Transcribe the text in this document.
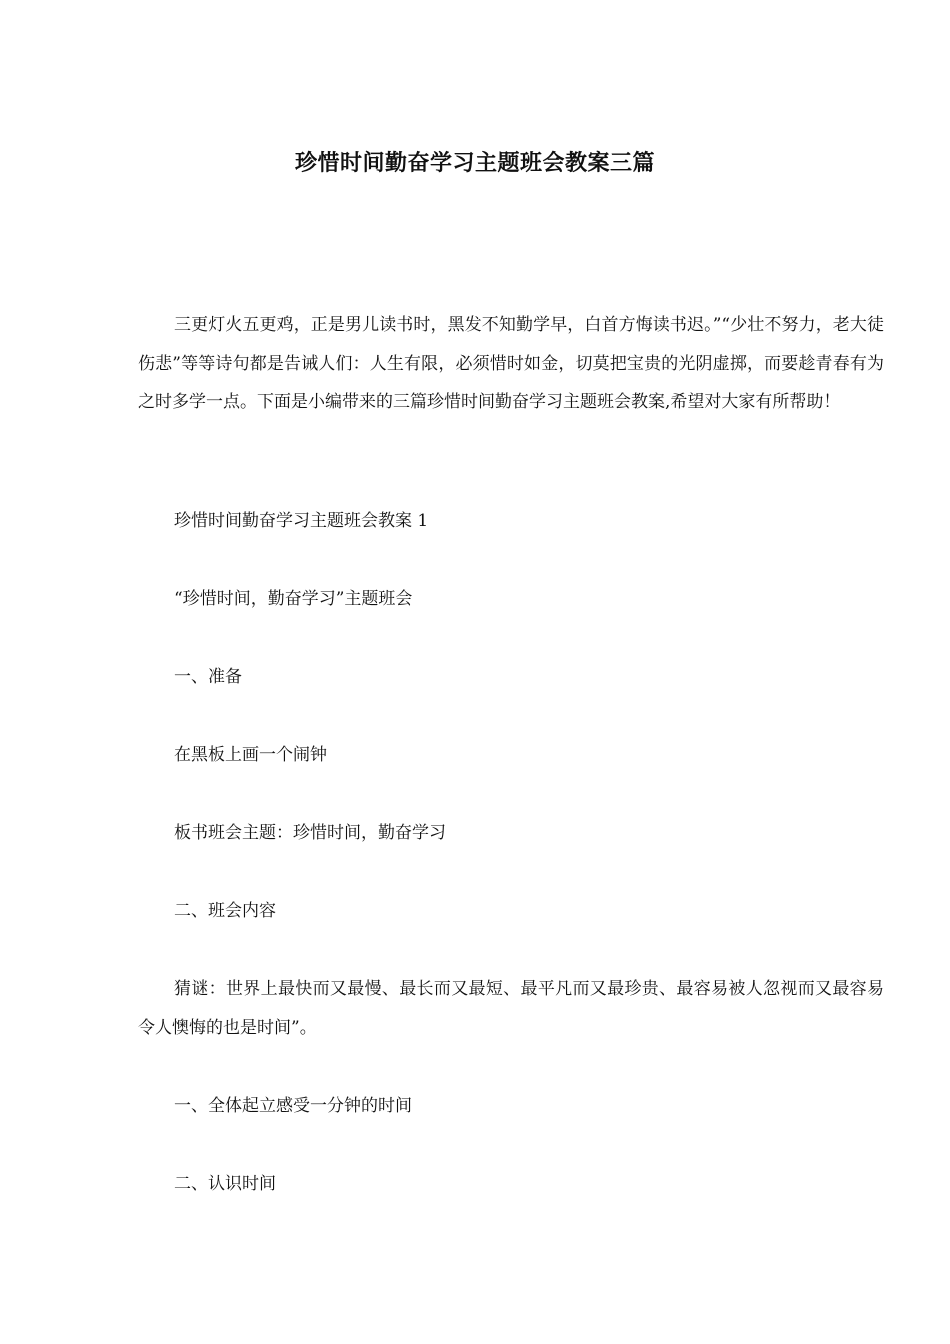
珍惜时间勤奋学习主题班会教案三篇

三更灯火五更鸡，正是男儿读书时，黑发不知勤学早，白首方悔读书迟。”“少壮不努力，老大徒伤悲”等等诗句都是告诫人们：人生有限，必须惜时如金，切莫把宝贵的光阴虚掷，而要趁青春有为之时多学一点。下面是小编带来的三篇珍惜时间勤奋学习主题班会教案,希望对大家有所帮助！

珍惜时间勤奋学习主题班会教案 1

“珍惜时间，勤奋学习”主题班会

一、准备

在黑板上画一个闹钟

板书班会主题：珍惜时间，勤奋学习

二、班会内容

猜谜：世界上最快而又最慢、最长而又最短、最平凡而又最珍贵、最容易被人忽视而又最容易令人懊悔的也是时间”。

一、全体起立感受一分钟的时间

二、认识时间
